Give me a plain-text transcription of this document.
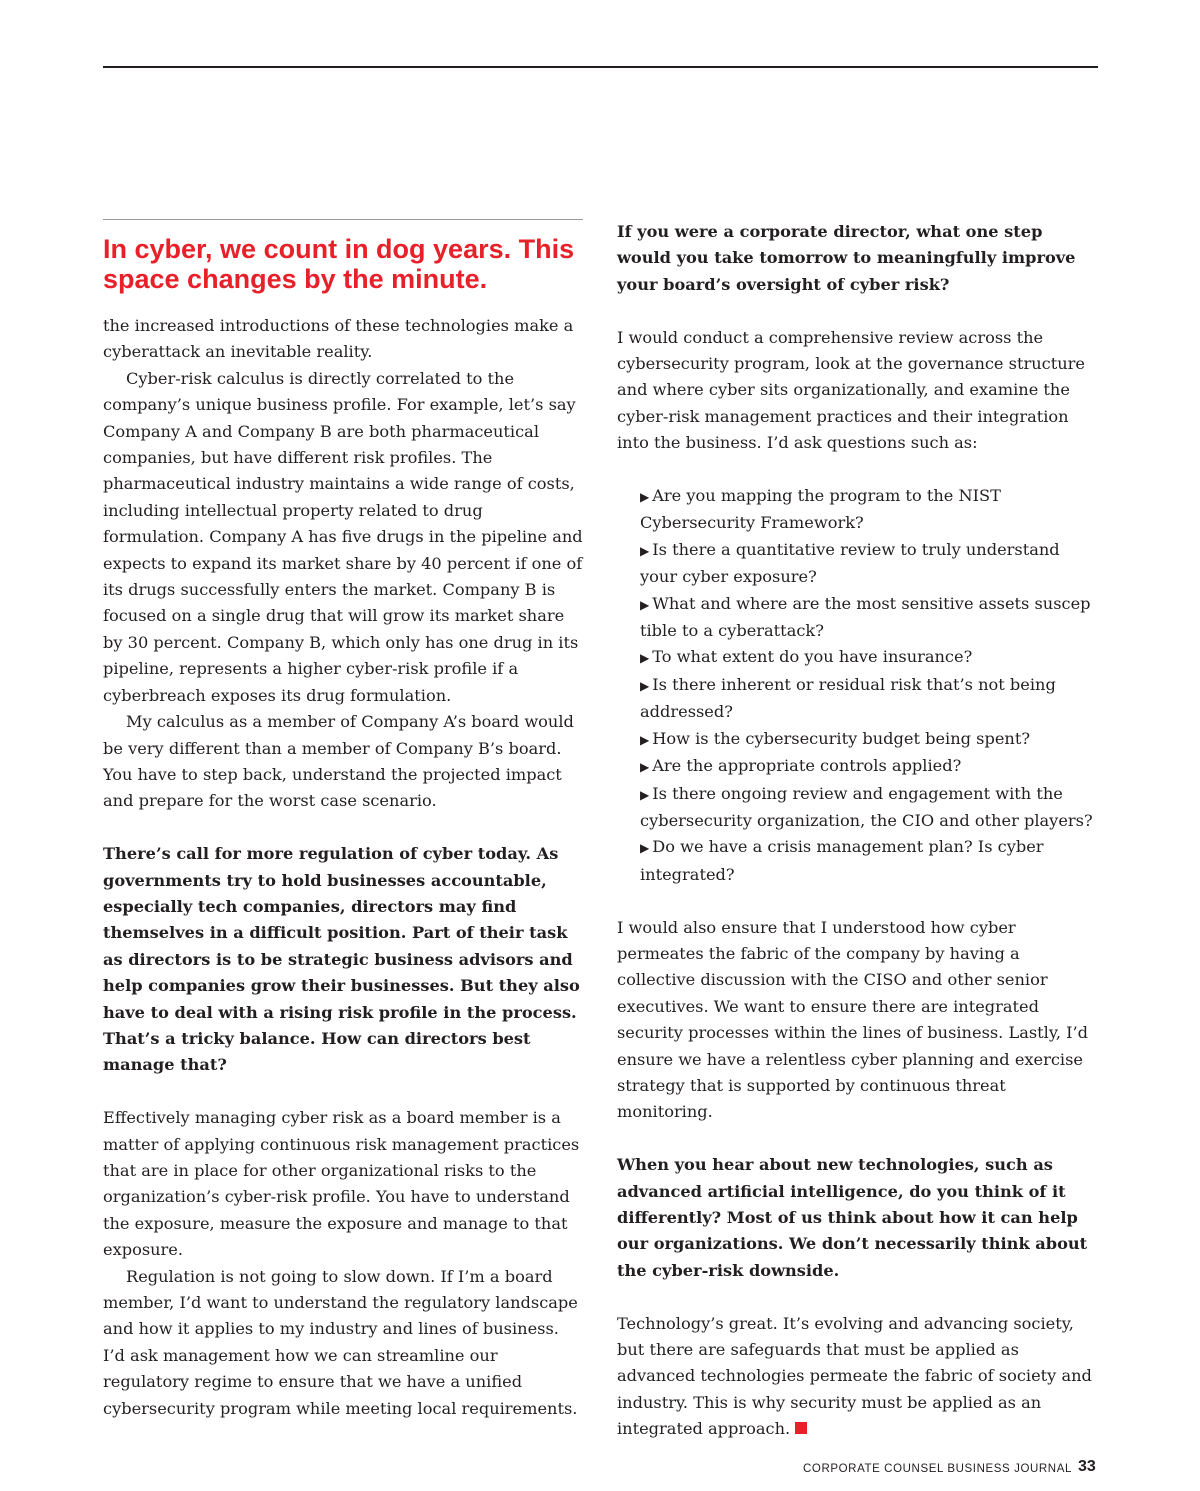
In cyber, we count in dog years. This space changes by the minute.

the increased introductions of these technologies make a cyberattack an inevitable reality.

Cyber-risk calculus is directly correlated to the company’s unique business profile. For example, let’s say Company A and Company B are both pharmaceutical companies, but have different risk profiles. The pharmaceutical industry maintains a wide range of costs, including intellectual property related to drug formulation. Company A has five drugs in the pipeline and expects to expand its market share by 40 percent if one of its drugs successfully enters the market. Company B is focused on a single drug that will grow its market share by 30 percent. Company B, which only has one drug in its pipeline, represents a higher cyber-risk profile if a cyberbreach exposes its drug formulation.

My calculus as a member of Company A’s board would be very different than a member of Company B’s board. You have to step back, understand the projected impact and prepare for the worst case scenario.

There’s call for more regulation of cyber today. As governments try to hold businesses accountable, especially tech companies, directors may find themselves in a difficult position. Part of their task as directors is to be strategic business advisors and help companies grow their businesses. But they also have to deal with a rising risk profile in the process. That’s a tricky balance. How can directors best manage that?

Effectively managing cyber risk as a board member is a matter of applying continuous risk management practices that are in place for other organizational risks to the organization’s cyber-risk profile. You have to understand the exposure, measure the exposure and manage to that exposure.

Regulation is not going to slow down. If I’m a board member, I’d want to understand the regulatory landscape and how it applies to my industry and lines of business. I’d ask management how we can streamline our regulatory regime to ensure that we have a unified cybersecurity program while meeting local requirements.

If you were a corporate director, what one step would you take tomorrow to meaningfully improve your board’s oversight of cyber risk?

I would conduct a comprehensive review across the cybersecurity program, look at the governance structure and where cyber sits organizationally, and examine the cyber-risk management practices and their integration into the business. I’d ask questions such as:

▶ Are you mapping the program to the NIST Cybersecurity Framework?
▶ Is there a quantitative review to truly understand your cyber exposure?
▶ What and where are the most sensitive assets suscep tible to a cyberattack?
▶ To what extent do you have insurance?
▶ Is there inherent or residual risk that’s not being addressed?
▶ How is the cybersecurity budget being spent?
▶ Are the appropriate controls applied?
▶ Is there ongoing review and engagement with the cybersecurity organization, the CIO and other players?
▶ Do we have a crisis management plan? Is cyber integrated?

I would also ensure that I understood how cyber permeates the fabric of the company by having a collective discussion with the CISO and other senior executives. We want to ensure there are integrated security processes within the lines of business. Lastly, I’d ensure we have a relentless cyber planning and exercise strategy that is supported by continuous threat monitoring.

When you hear about new technologies, such as advanced artificial intelligence, do you think of it differently? Most of us think about how it can help our organizations. We don’t necessarily think about the cyber-risk downside.

Technology’s great. It’s evolving and advancing society, but there are safeguards that must be applied as advanced technologies permeate the fabric of society and industry. This is why security must be applied as an integrated approach.

CORPORATE COUNSEL BUSINESS JOURNAL 33
